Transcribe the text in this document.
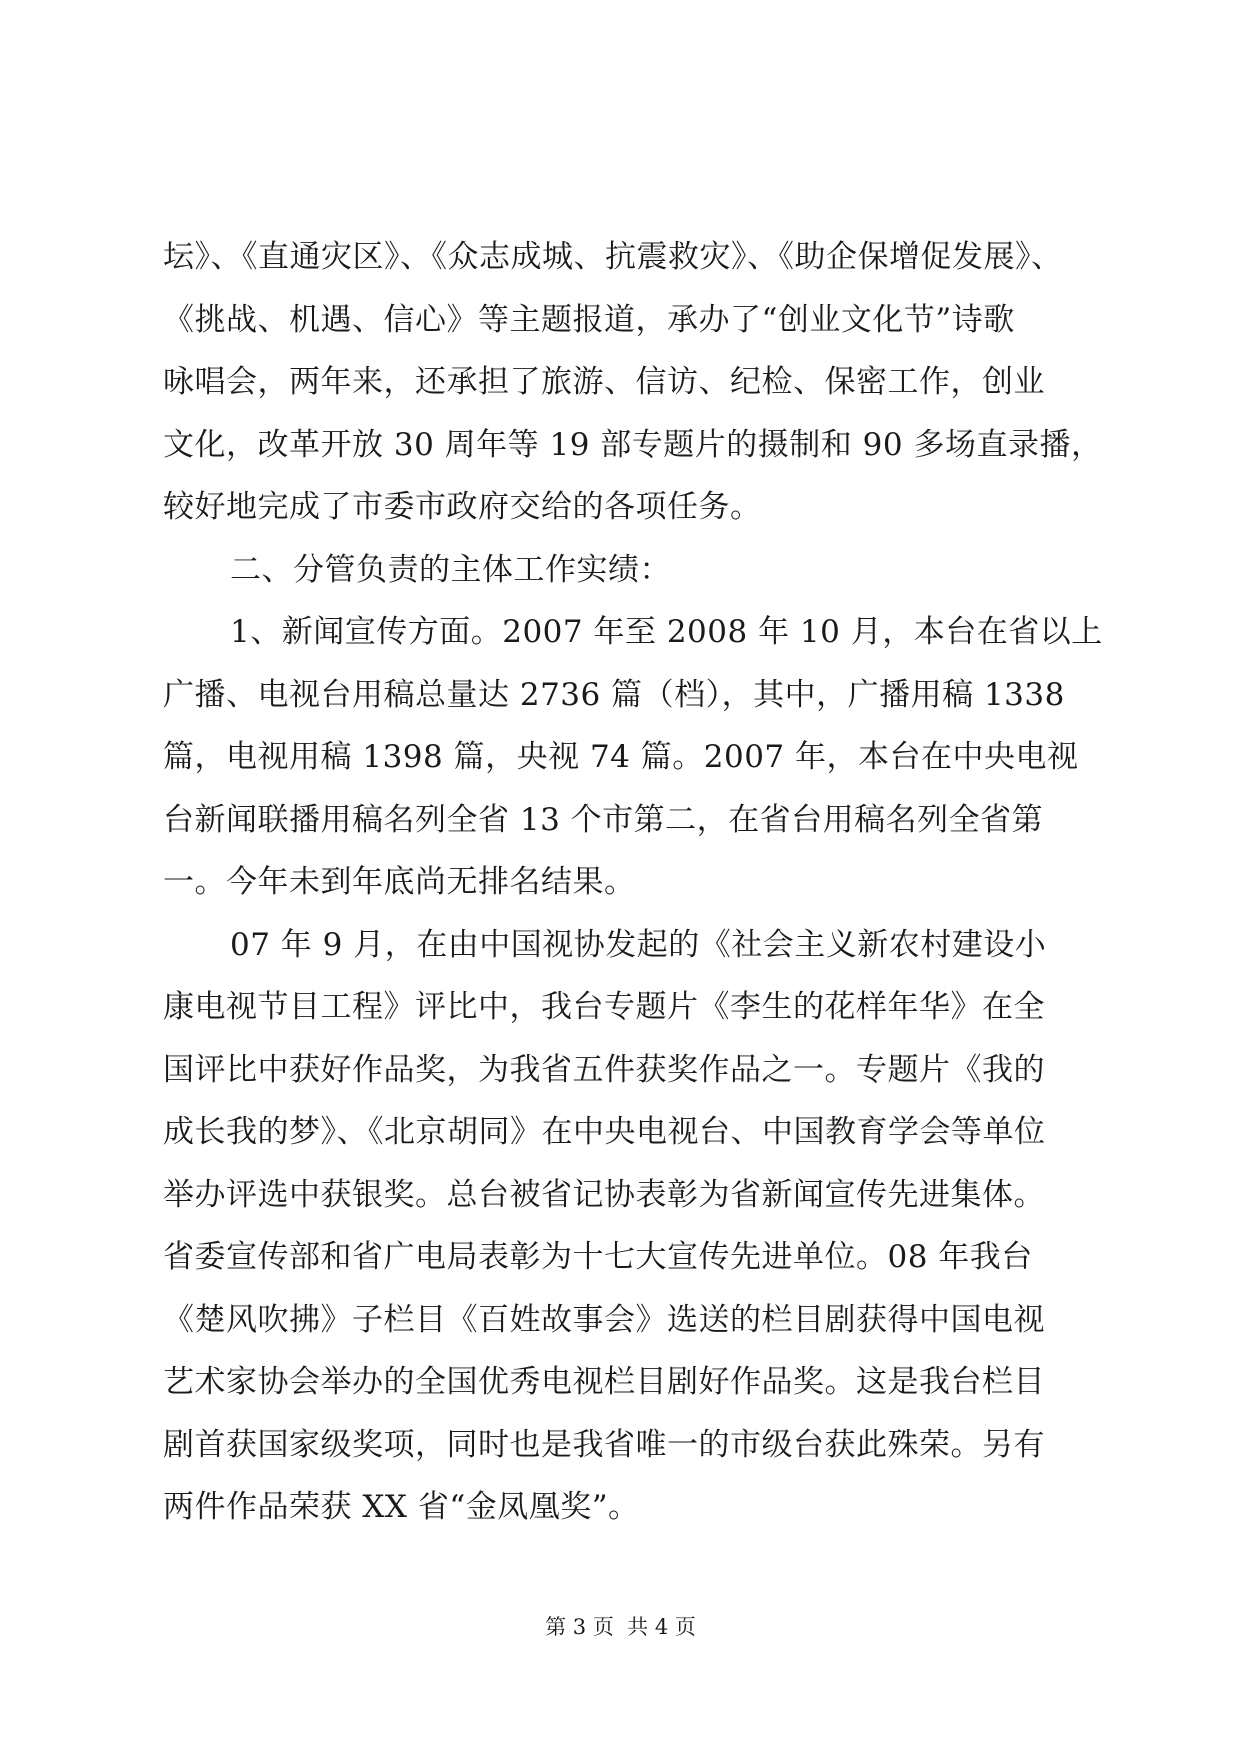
坛》、《直通灾区》、《众志成城、抗震救灾》、《助企保增促发展》、
《挑战、机遇、信心》等主题报道，承办了“创业文化节”诗歌
咏唱会，两年来，还承担了旅游、信访、纪检、保密工作，创业
文化，改革开放 30 周年等 19 部专题片的摄制和 90 多场直录播，
较好地完成了市委市政府交给的各项任务。
二、分管负责的主体工作实绩：
1、新闻宣传方面。2007 年至 2008 年 10 月，本台在省以上
广播、电视台用稿总量达 2736 篇（档），其中，广播用稿 1338
篇，电视用稿 1398 篇，央视 74 篇。2007 年，本台在中央电视
台新闻联播用稿名列全省 13 个市第二，在省台用稿名列全省第
一。今年未到年底尚无排名结果。
07 年 9 月，在由中国视协发起的《社会主义新农村建设小
康电视节目工程》评比中，我台专题片《李生的花样年华》在全
国评比中获好作品奖，为我省五件获奖作品之一。专题片《我的
成长我的梦》、《北京胡同》在中央电视台、中国教育学会等单位
举办评选中获银奖。总台被省记协表彰为省新闻宣传先进集体。
省委宣传部和省广电局表彰为十七大宣传先进单位。08 年我台
《楚风吹拂》子栏目《百姓故事会》选送的栏目剧获得中国电视
艺术家协会举办的全国优秀电视栏目剧好作品奖。这是我台栏目
剧首获国家级奖项，同时也是我省唯一的市级台获此殊荣。另有
两件作品荣获 XX 省“金凤凰奖”。
第 3 页  共 4 页
